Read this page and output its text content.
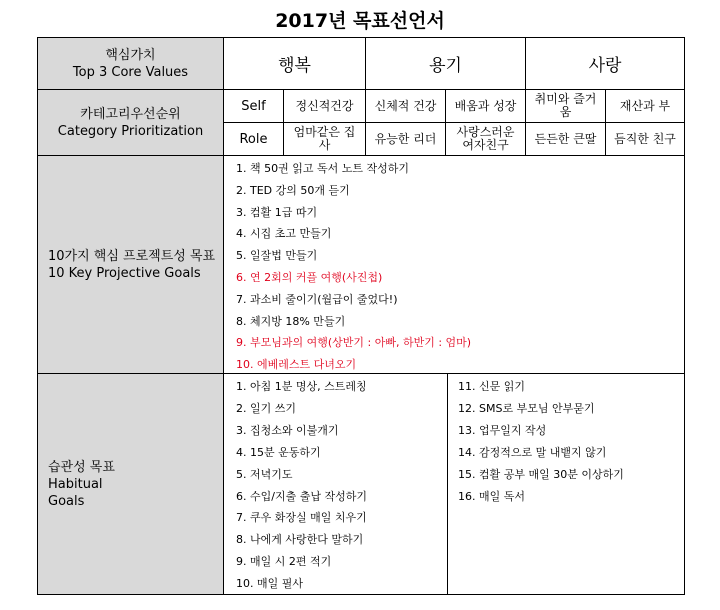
2017년 목표선언서
핵심가치
Top 3 Core Values	행복	용기	사랑
카테고리우선순위
Category Prioritization
Self	정신적건강	신체적 건강	배움과 성장	취미와 즐거움	재산과 부
Role	엄마같은 집사	유능한 리더	사랑스러운 여자친구	든든한 큰딸	듬직한 친구
10가지 핵심 프로젝트성 목표
10 Key Projective Goals
1. 책 50권 읽고 독서 노트 작성하기
2. TED 강의 50개 듣기
3. 컴활 1급 따기
4. 시집 초고 만들기
5. 일잘법 만들기
6. 연 2회의 커플 여행(사진첩)
7. 과소비 줄이기(월급이 줄었다!)
8. 체지방 18% 만들기
9. 부모님과의 여행(상반기 : 아빠, 하반기 : 엄마)
10. 에베레스트 다녀오기
습관성 목표
Habitual
Goals
1. 아침 1분 명상, 스트레칭
2. 일기 쓰기
3. 집청소와 이불개기
4. 15분 운동하기
5. 저녁기도
6. 수입/지출 출납 작성하기
7. 쿠우 화장실 매일 치우기
8. 나에게 사랑한다 말하기
9. 매일 시 2편 적기
10. 매일 필사
11. 신문 읽기
12. SMS로 부모님 안부묻기
13. 업무일지 작성
14. 감정적으로 말 내뱉지 않기
15. 컴활 공부 매일 30분 이상하기
16. 매일 독서
